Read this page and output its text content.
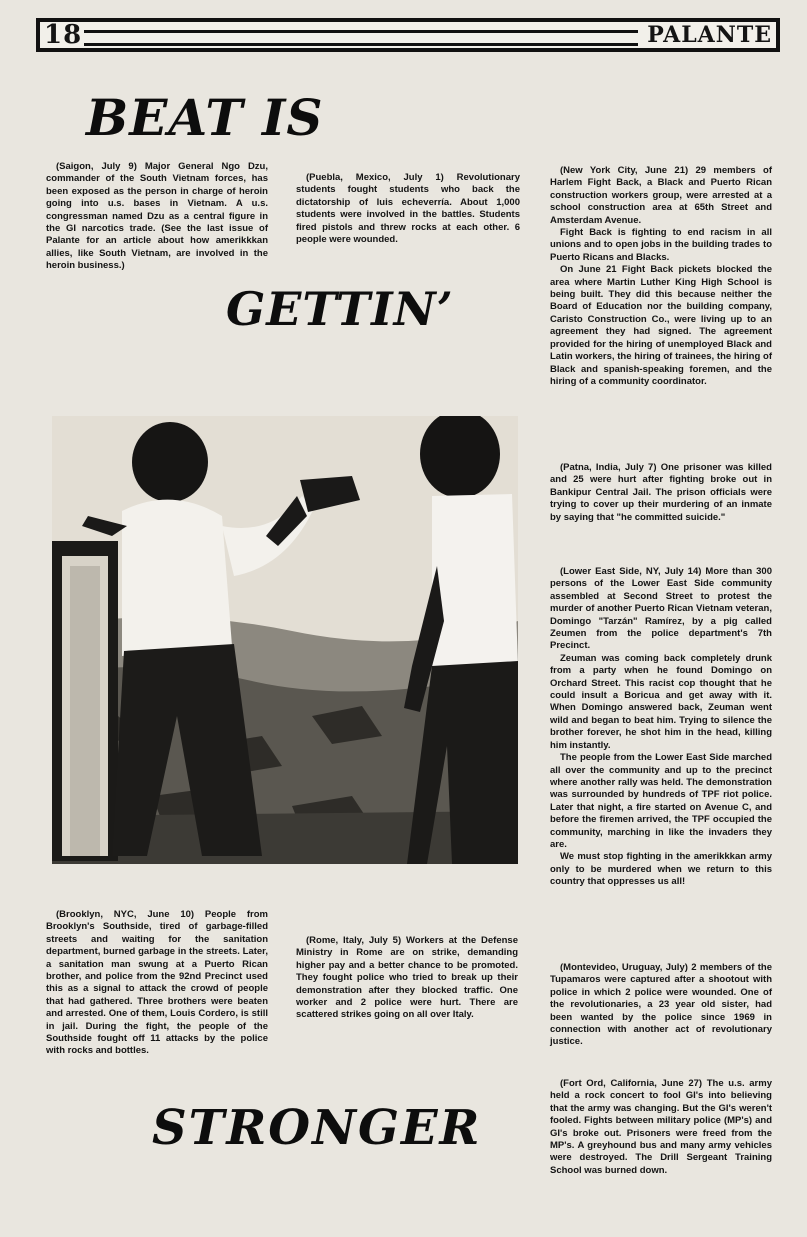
18	PALANTE
BEAT IS
GETTIN’
STRONGER

(Saigon, July 9) Major General Ngo Dzu, commander of the South Vietnam forces, has been exposed as the person in charge of heroin going into u.s. bases in Vietnam. A u.s. congressman named Dzu as a central figure in the GI narcotics trade. (See the last issue of Palante for an article about how amerikkkan allies, like South Vietnam, are involved in the heroin business.)

(Puebla, Mexico, July 1) Revolutionary students fought students who back the dictatorship of luis echeverría. About 1,000 students were involved in the battles. Students fired pistols and threw rocks at each other. 6 people were wounded.

(New York City, June 21) 29 members of Harlem Fight Back, a Black and Puerto Rican construction workers group, were arrested at a school construction area at 65th Street and Amsterdam Avenue.

Fight Back is fighting to end racism in all unions and to open jobs in the building trades to Puerto Ricans and Blacks.

On June 21 Fight Back pickets blocked the area where Martin Luther King High School is being built. They did this because neither the Board of Education nor the building company, Caristo Construction Co., were living up to an agreement they had signed. The agreement provided for the hiring of unemployed Black and Latin workers, the hiring of trainees, the hiring of Black and spanish-speaking foremen, and the hiring of a community coordinator.

(Patna, India, July 7) One prisoner was killed and 25 were hurt after fighting broke out in Bankipur Central Jail. The prison officials were trying to cover up their murdering of an inmate by saying that "he committed suicide."

(Lower East Side, NY, July 14) More than 300 persons of the Lower East Side community assembled at Second Street to protest the murder of another Puerto Rican Vietnam veteran, Domingo "Tarzán" Ramírez, by a pig called Zeumen from the police department's 7th Precinct.

Zeuman was coming back completely drunk from a party when he found Domingo on Orchard Street. This racist cop thought that he could insult a Boricua and get away with it. When Domingo answered back, Zeuman went wild and began to beat him. Trying to silence the brother forever, he shot him in the head, killing him instantly.

The people from the Lower East Side marched all over the community and up to the precinct where another rally was held. The demonstration was surrounded by hundreds of TPF riot police. Later that night, a fire started on Avenue C, and before the firemen arrived, the TPF occupied the community, marching in like the invaders they are.

We must stop fighting in the amerikkkan army only to be murdered when we return to this country that oppresses us all!

(Brooklyn, NYC, June 10) People from Brooklyn's Southside, tired of garbage-filled streets and waiting for the sanitation department, burned garbage in the streets. Later, a sanitation man swung at a Puerto Rican brother, and police from the 92nd Precinct used this as a signal to attack the crowd of people that had gathered. Three brothers were beaten and arrested. One of them, Louis Cordero, is still in jail. During the fight, the people of the Southside fought off 11 attacks by the police with rocks and bottles.

(Rome, Italy, July 5) Workers at the Defense Ministry in Rome are on strike, demanding higher pay and a better chance to be promoted. They fought police who tried to break up their demonstration after they blocked traffic. One worker and 2 police were hurt. There are scattered strikes going on all over Italy.

(Montevideo, Uruguay, July) 2 members of the Tupamaros were captured after a shootout with police in which 2 police were wounded. One of the revolutionaries, a 23 year old sister, had been wanted by the police since 1969 in connection with another act of revolutionary justice.

(Fort Ord, California, June 27) The u.s. army held a rock concert to fool GI's into believing that the army was changing. But the GI's weren't fooled. Fights between military police (MP's) and GI's broke out. Prisoners were freed from the MP's. A greyhound bus and many army vehicles were destroyed. The Drill Sergeant Training School was burned down.
